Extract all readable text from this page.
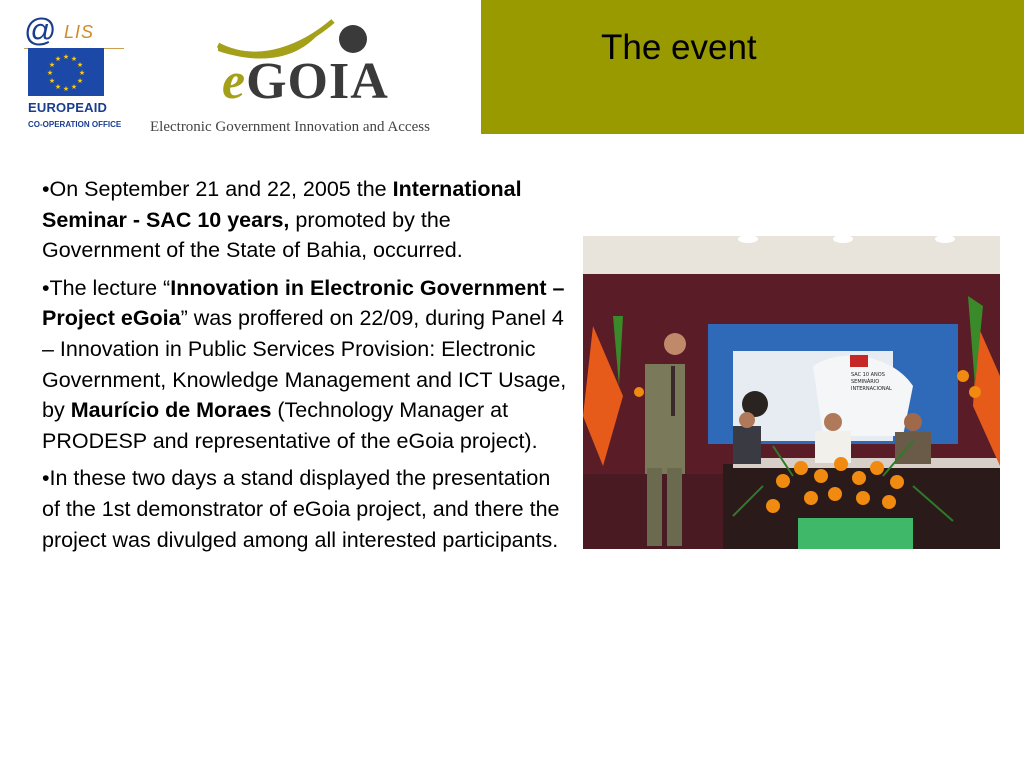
@ LIS
★ ★
★
★
★
★
★
★
★
★
★
★
EUROPEAID
CO-OPERATION OFFICE
eGOIA
Electronic Government Innovation and Access
The event

•On September 21 and 22, 2005 the International Seminar - SAC 10 years, promoted by the Government of the State of Bahia, occurred.

•The lecture “Innovation in Electronic Government – Project eGoia” was proffered on 22/09, during Panel 4 – Innovation in Public Services Provision: Electronic Government, Knowledge Management and ICT Usage, by Maurício de Moraes (Technology Manager at PRODESP and representative of the eGoia project).

•In these two days a stand displayed the presentation of the 1st demonstrator of eGoia project, and there the project was divulged among all interested participants.

SAC 10 ANOS
SEMINÁRIO
INTERNACIONAL
